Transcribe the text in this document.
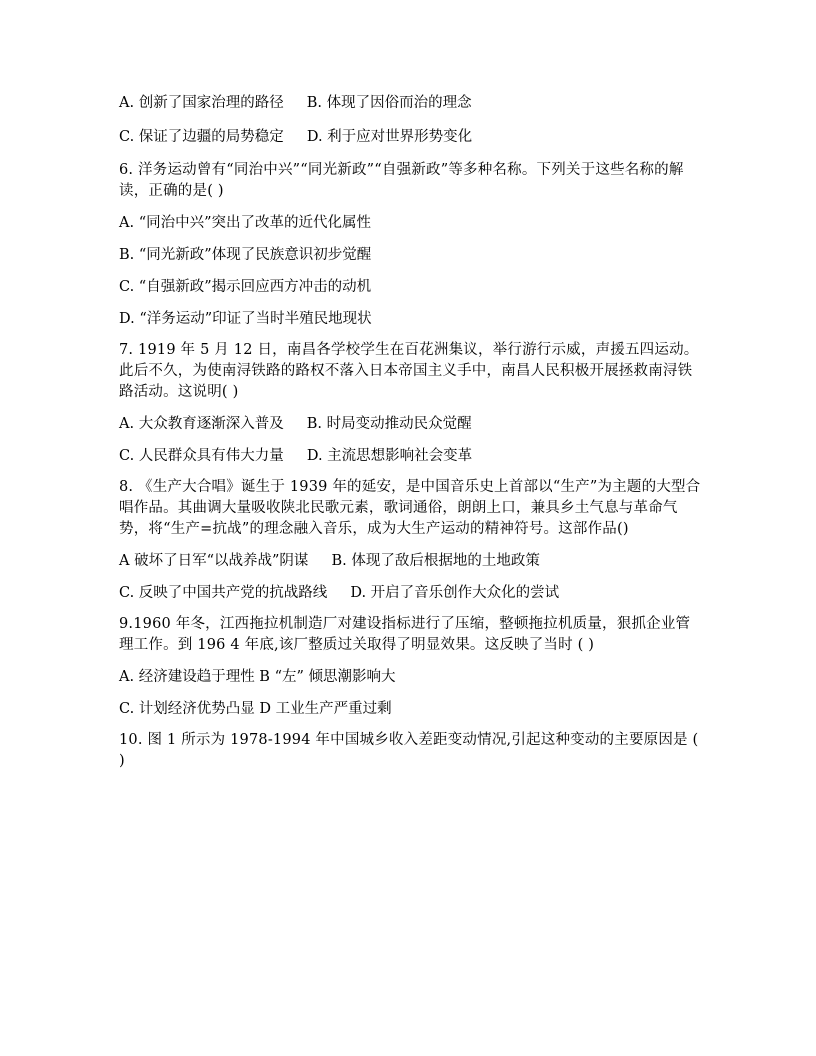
A. 创新了国家治理的路径     B. 体现了因俗而治的理念

C. 保证了边疆的局势稳定     D. 利于应对世界形势变化

6. 洋务运动曾有“同治中兴”“同光新政”“自强新政”等多种名称。下列关于这些名称的解读，正确的是( )

A. “同治中兴”突出了改革的近代化属性

B. “同光新政”体现了民族意识初步觉醒

C. “自强新政”揭示回应西方冲击的动机

D. “洋务运动”印证了当时半殖民地现状

7. 1919 年 5 月 12 日，南昌各学校学生在百花洲集议，举行游行示威，声援五四运动。此后不久，为使南浔铁路的路权不落入日本帝国主义手中，南昌人民积极开展拯救南浔铁路活动。这说明( )

A. 大众教育逐渐深入普及     B. 时局变动推动民众觉醒

C. 人民群众具有伟大力量     D. 主流思想影响社会变革

8. 《生产大合唱》诞生于 1939 年的延安，是中国音乐史上首部以“生产”为主题的大型合唱作品。其曲调大量吸收陕北民歌元素，歌词通俗，朗朗上口，兼具乡土气息与革命气势，将“生产=抗战”的理念融入音乐，成为大生产运动的精神符号。这部作品()

A 破坏了日军“以战养战”阴谋     B. 体现了敌后根据地的土地政策

C. 反映了中国共产党的抗战路线     D. 开启了音乐创作大众化的尝试

9.1960 年冬，江西拖拉机制造厂对建设指标进行了压缩，整顿拖拉机质量，狠抓企业管理工作。到 196 4 年底,该厂整质过关取得了明显效果。这反映了当时 ( )

A. 经济建设趋于理性 B “左” 倾思潮影响大

C. 计划经济优势凸显 D 工业生产严重过剩

10. 图 1 所示为 1978-1994 年中国城乡收入差距变动情况,引起这种变动的主要原因是 ( )
